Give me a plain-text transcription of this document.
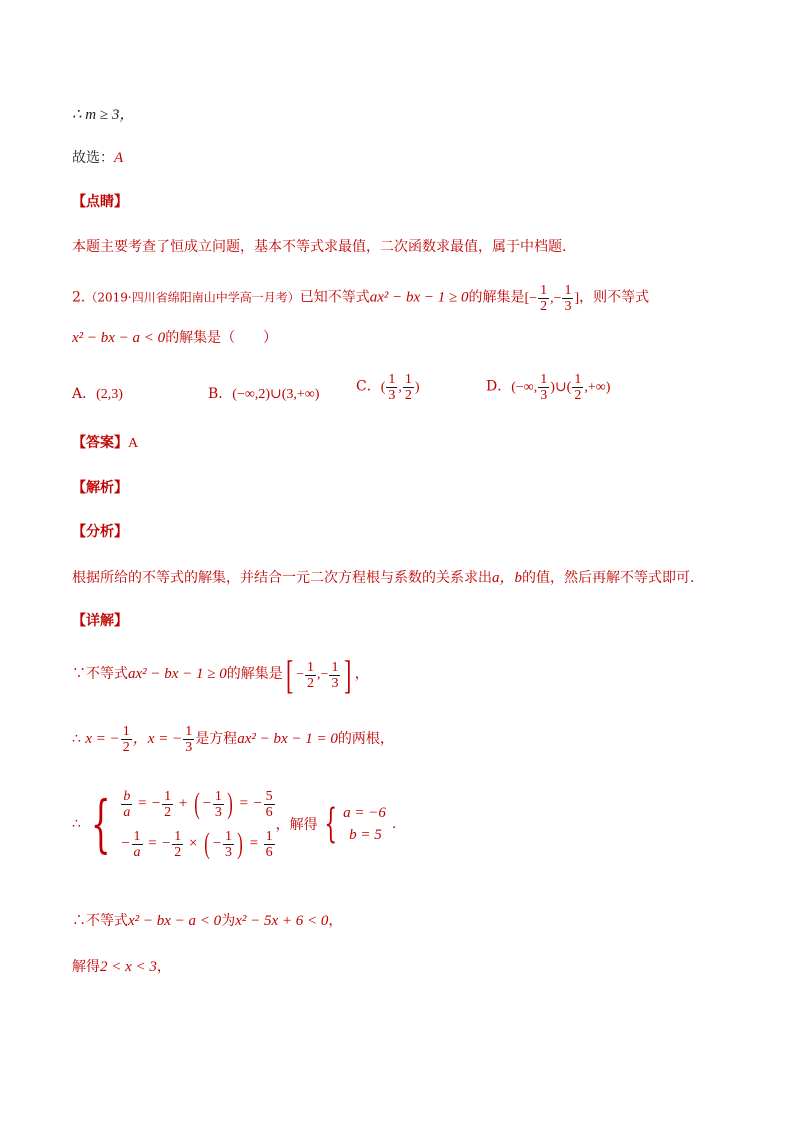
∴ m ≥ 3，
故选：A
【点睛】
本题主要考查了恒成立问题，基本不等式求最值，二次函数求最值，属于中档题.
2.（2019·四川省绵阳南山中学高一月考）已知不等式ax² − bx − 1 ≥ 0的解集是[− $\frac{1}{2}$ ,− $\frac{1}{3}$ ]，则不等式
x² − bx − a < 0的解集是（　　）
A．(2,3)	B．(−∞,2)∪(3,+∞)	C．( $\frac{1}{3}$ , $\frac{1}{2}$ )	D．(−∞, $\frac{1}{3}$ )∪( $\frac{1}{2}$ ,+∞)
【答案】A
【解析】
【分析】
根据所给的不等式的解集，并结合一元二次方程根与系数的关系求出a，b的值，然后再解不等式即可.
【详解】
∵不等式ax² − bx − 1 ≥ 0的解集是[ − $\frac{1}{2}$ ,− $\frac{1}{3}$ ] ，
∴ x = − $\frac{1}{2}$ ，x = − $\frac{1}{3}$ 是方程ax² − bx − 1 = 0的两根，
∴ { $\frac{b}{a}$ = − $\frac{1}{2}$ + ( − $\frac{1}{3}$ ) = − $\frac{5}{6}$
− $\frac{1}{a}$ = − $\frac{1}{2}$ × ( − $\frac{1}{3}$ ) = $\frac{1}{6}$
，解得 { a = −6
b = 5
.
∴不等式x² − bx − a < 0为x² − 5x + 6 < 0，
解得2 < x < 3，
